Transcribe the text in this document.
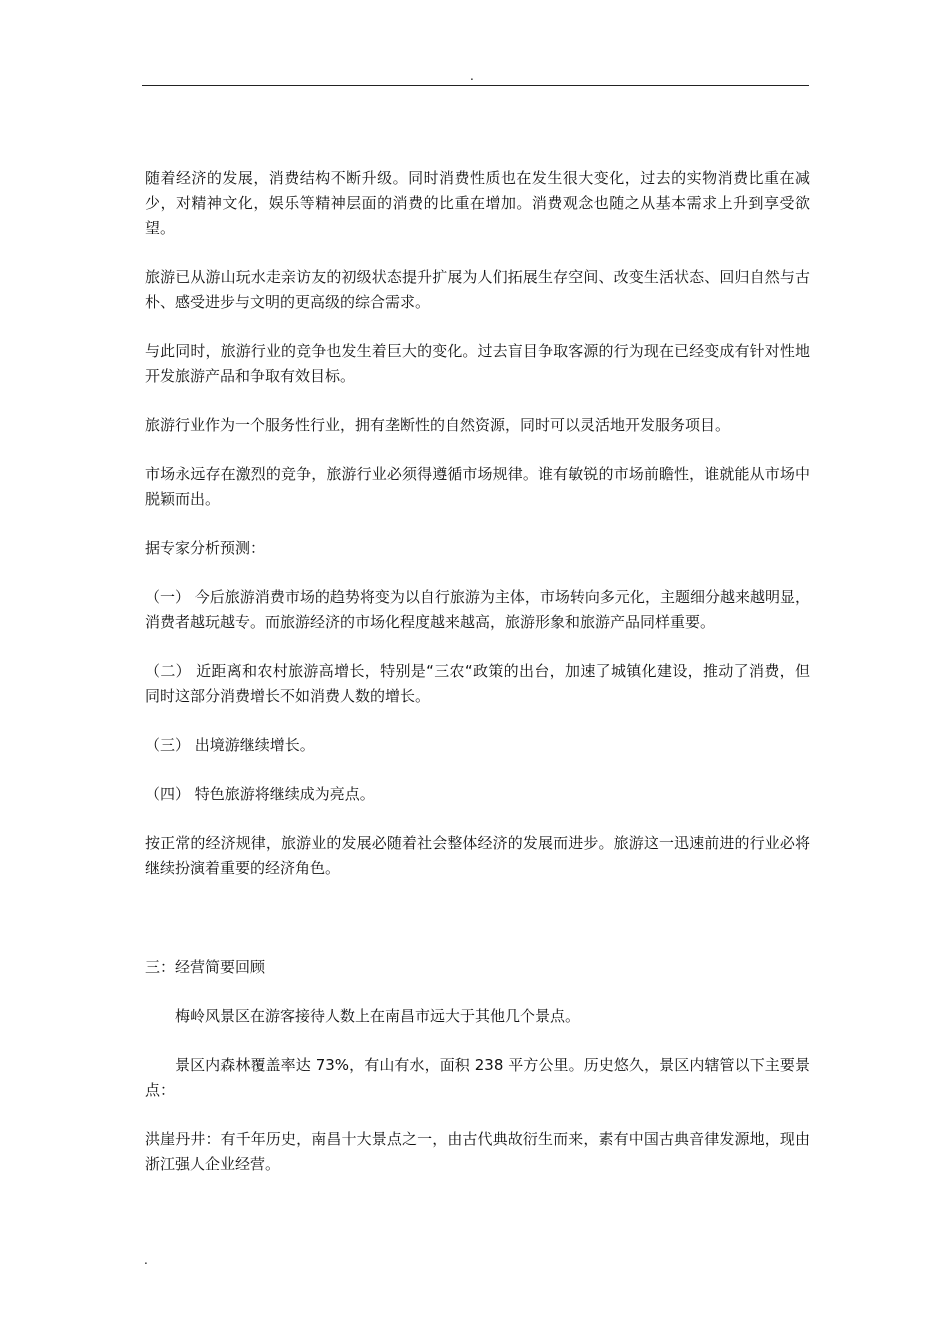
.

随着经济的发展，消费结构不断升级。同时消费性质也在发生很大变化，过去的实物消费比重在减少，对精神文化，娱乐等精神层面的消费的比重在增加。消费观念也随之从基本需求上升到享受欲望。

旅游已从游山玩水走亲访友的初级状态提升扩展为人们拓展生存空间、改变生活状态、回归自然与古朴、感受进步与文明的更高级的综合需求。

与此同时，旅游行业的竞争也发生着巨大的变化。过去盲目争取客源的行为现在已经变成有针对性地开发旅游产品和争取有效目标。

旅游行业作为一个服务性行业，拥有垄断性的自然资源，同时可以灵活地开发服务项目。

市场永远存在激烈的竞争，旅游行业必须得遵循市场规律。谁有敏锐的市场前瞻性，谁就能从市场中脱颖而出。

据专家分析预测：

（一） 今后旅游消费市场的趋势将变为以自行旅游为主体，市场转向多元化，主题细分越来越明显，消费者越玩越专。而旅游经济的市场化程度越来越高，旅游形象和旅游产品同样重要。

（二） 近距离和农村旅游高增长，特别是“三农“政策的出台，加速了城镇化建设，推动了消费，但同时这部分消费增长不如消费人数的增长。

（三） 出境游继续增长。

（四） 特色旅游将继续成为亮点。

按正常的经济规律，旅游业的发展必随着社会整体经济的发展而进步。旅游这一迅速前进的行业必将继续扮演着重要的经济角色。

三：经营简要回顾

梅岭风景区在游客接待人数上在南昌市远大于其他几个景点。

景区内森林覆盖率达 73%，有山有水，面积 238 平方公里。历史悠久，景区内辖管以下主要景点：

洪崖丹井：有千年历史，南昌十大景点之一，由古代典故衍生而来，素有中国古典音律发源地，现由浙江强人企业经营。

.
